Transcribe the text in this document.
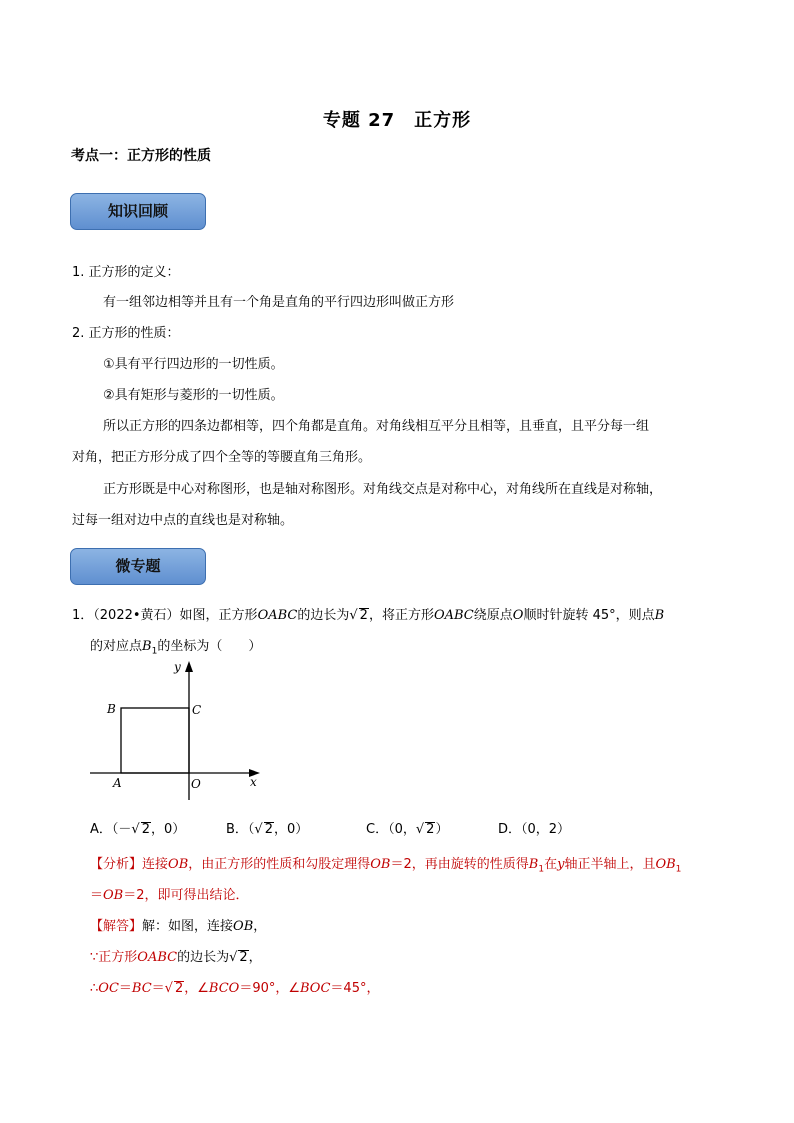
专题 27　正方形
考点一：正方形的性质
知识回顾
1. 正方形的定义：
有一组邻边相等并且有一个角是直角的平行四边形叫做正方形
2. 正方形的性质：
①具有平行四边形的一切性质。
②具有矩形与菱形的一切性质。
所以正方形的四条边都相等，四个角都是直角。对角线相互平分且相等，且垂直，且平分每一组
对角，把正方形分成了四个全等的等腰直角三角形。
正方形既是中心对称图形，也是轴对称图形。对角线交点是对称中心，对角线所在直线是对称轴，
过每一组对边中点的直线也是对称轴。
微专题
1．（2022•黄石）如图，正方形OABC的边长为√ 2，将正方形OABC绕原点O顺时针旋转 45°，则点B
的对应点$B_1$的坐标为（　　）
y
x
B	C
A	O
A．（－√ 2，0）	B．（√ 2，0）	C．（0，√ 2）	D．（0，2）
【分析】连接OB，由正方形的性质和勾股定理得OB＝2，再由旋转的性质得$B_1$在y轴正半轴上，且$OB_1$
＝OB＝2，即可得出结论．
【解答】解：如图，连接OB，
∵正方形OABC的边长为√ 2，
∴OC＝BC＝√ 2，∠BCO＝90°，∠BOC＝45°，
